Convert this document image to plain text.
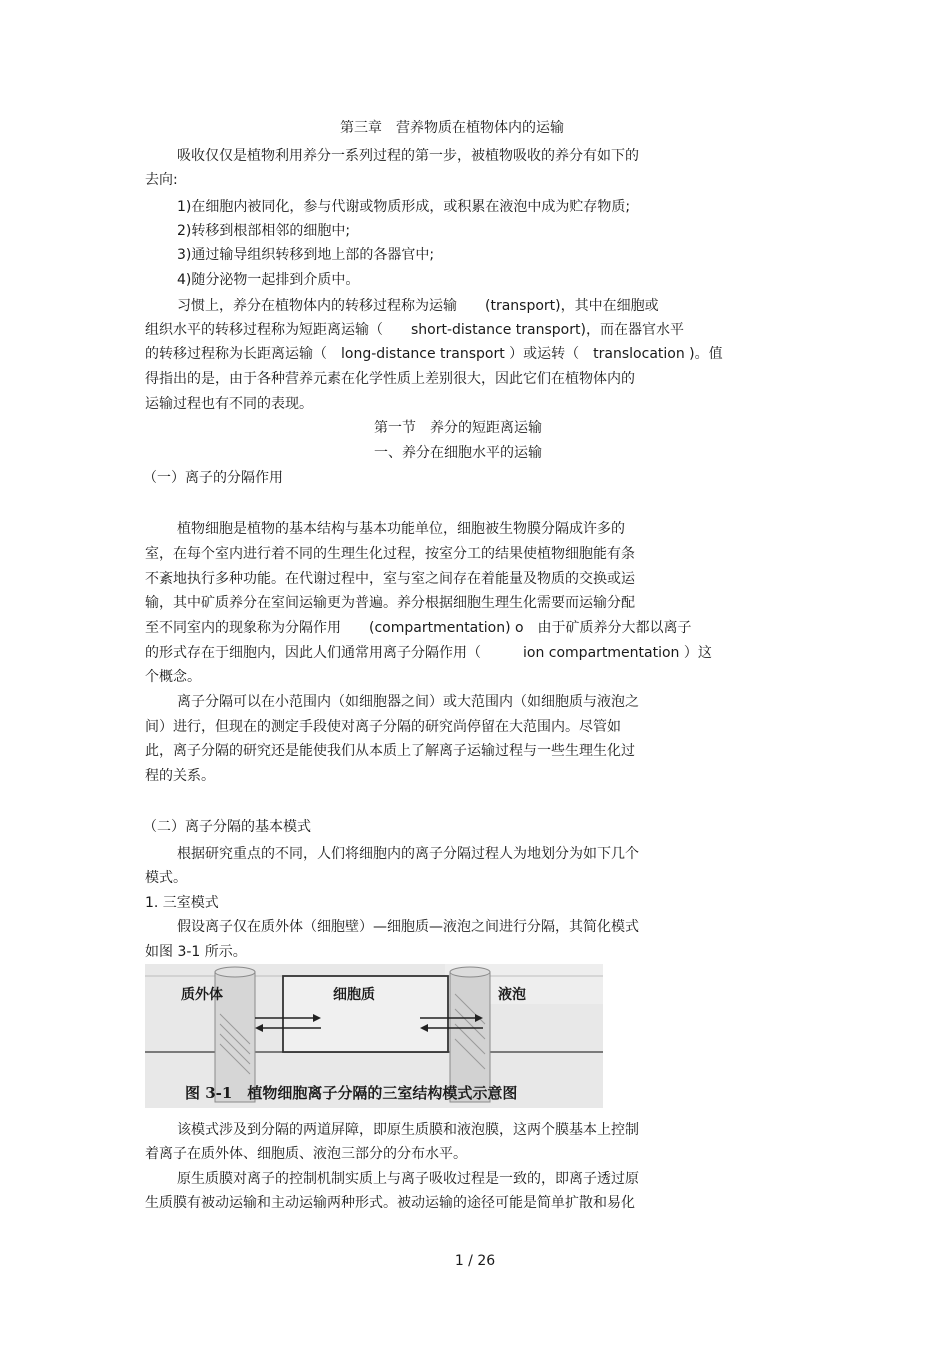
第三章　营养物质在植物体内的运输
吸收仅仅是植物利用养分一系列过程的第一步，被植物吸收的养分有如下的
去向:
1)在细胞内被同化，参与代谢或物质形成，或积累在液泡中成为贮存物质;
2)转移到根部相邻的细胞中;
3)通过输导组织转移到地上部的各器官中;
4)随分泌物一起排到介质中。
习惯上，养分在植物体内的转移过程称为运输　　(transport)，其中在细胞或
组织水平的转移过程称为短距离运输（　　short-distance transport)，而在器官水平
的转移过程称为长距离运输（　long-distance transport ）或运转（　translocation )。值
得指出的是，由于各种营养元素在化学性质上差别很大，因此它们在植物体内的
运输过程也有不同的表现。
第一节　养分的短距离运输
一、养分在细胞水平的运输
（一）离子的分隔作用
植物细胞是植物的基本结构与基本功能单位，细胞被生物膜分隔成许多的
室，在每个室内进行着不同的生理生化过程，按室分工的结果使植物细胞能有条
不紊地执行多种功能。在代谢过程中，室与室之间存在着能量及物质的交换或运
输，其中矿质养分在室间运输更为普遍。养分根据细胞生理生化需要而运输分配
至不同室内的现象称为分隔作用　　(compartmentation) o　由于矿质养分大都以离子
的形式存在于细胞内，因此人们通常用离子分隔作用（　　　ion compartmentation ）这
个概念。
离子分隔可以在小范围内（如细胞器之间）或大范围内（如细胞质与液泡之
间）进行，但现在的测定手段使对离子分隔的研究尚停留在大范围内。尽管如
此，离子分隔的研究还是能使我们从本质上了解离子运输过程与一些生理生化过
程的关系。
（二）离子分隔的基本模式
根据研究重点的不同，人们将细胞内的离子分隔过程人为地划分为如下几个
模式。
1. 三室模式
假设离子仅在质外体（细胞壁）—细胞质—液泡之间进行分隔，其简化模式
如图 3-1 所示。
质外体	细胞质	液泡
图 3-1　植物细胞离子分隔的三室结构模式示意图
该模式涉及到分隔的两道屏障，即原生质膜和液泡膜，这两个膜基本上控制
着离子在质外体、细胞质、液泡三部分的分布水平。
原生质膜对离子的控制机制实质上与离子吸收过程是一致的，即离子透过原
生质膜有被动运输和主动运输两种形式。被动运输的途径可能是简单扩散和易化
1 / 26
